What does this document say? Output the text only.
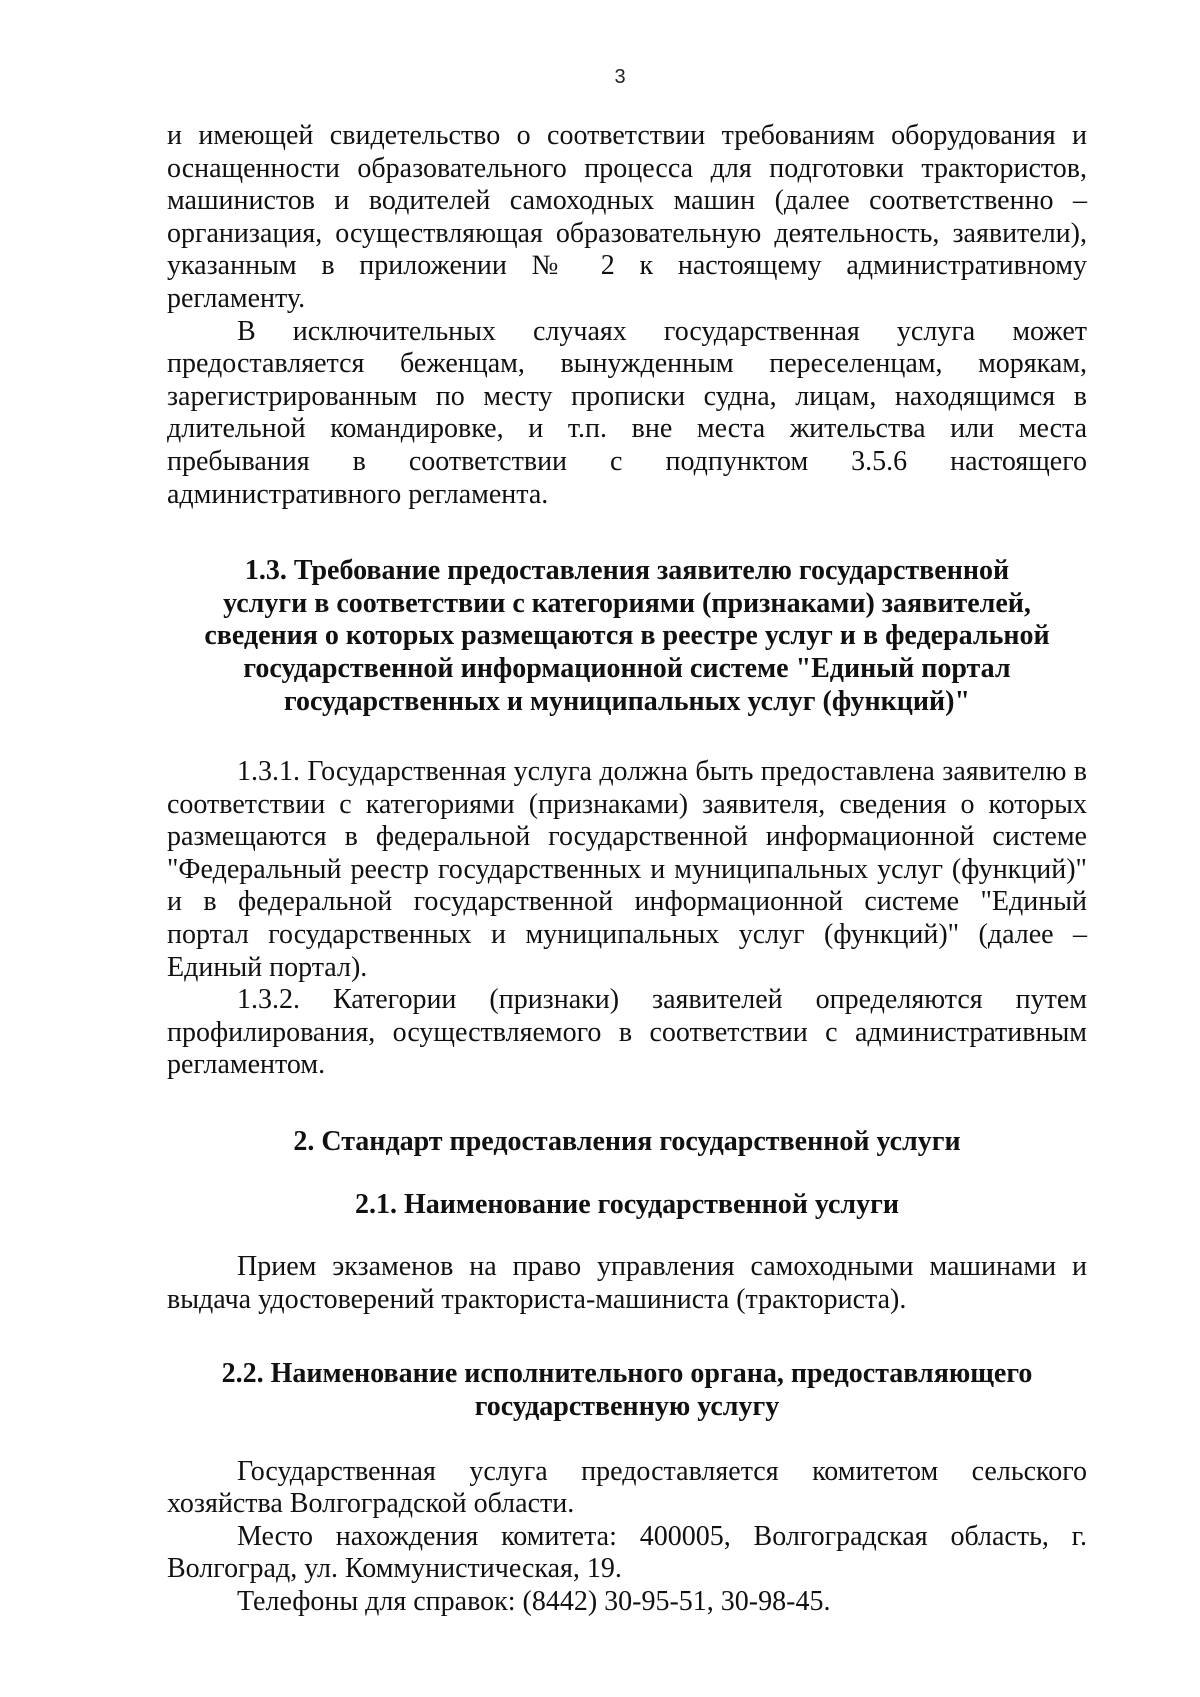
3

и имеющей свидетельство о соответствии требованиям оборудования и оснащенности образовательного процесса для подготовки трактористов, машинистов и водителей самоходных машин (далее соответственно – организация, осуществляющая образовательную деятельность, заявители), указанным в приложении № 2 к настоящему административному регламенту.

В исключительных случаях государственная услуга может предоставляется беженцам, вынужденным переселенцам, морякам, зарегистрированным по месту прописки судна, лицам, находящимся в длительной командировке, и т.п. вне места жительства или места пребывания в соответствии с подпунктом 3.5.6 настоящего административного регламента.

1.3. Требование предоставления заявителю государственной
услуги в соответствии с категориями (признаками) заявителей,
сведения о которых размещаются в реестре услуг и в федеральной
государственной информационной системе "Единый портал
государственных и муниципальных услуг (функций)"

1.3.1. Государственная услуга должна быть предоставлена заявителю в соответствии с категориями (признаками) заявителя, сведения о которых размещаются в федеральной государственной информационной системе "Федеральный реестр государственных и муниципальных услуг (функций)" и в федеральной государственной информационной системе "Единый портал государственных и муниципальных услуг (функций)" (далее – Единый портал).

1.3.2. Категории (признаки) заявителей определяются путем профилирования, осуществляемого в соответствии с административным регламентом.

2. Стандарт предоставления государственной услуги
2.1. Наименование государственной услуги

Прием экзаменов на право управления самоходными машинами и выдача удостоверений тракториста-машиниста (тракториста).

2.2. Наименование исполнительного органа, предоставляющего
государственную услугу

Государственная услуга предоставляется комитетом сельского хозяйства Волгоградской области.

Место нахождения комитета: 400005, Волгоградская область, г. Волгоград, ул. Коммунистическая, 19.

Телефоны для справок: (8442) 30-95-51, 30-98-45.
